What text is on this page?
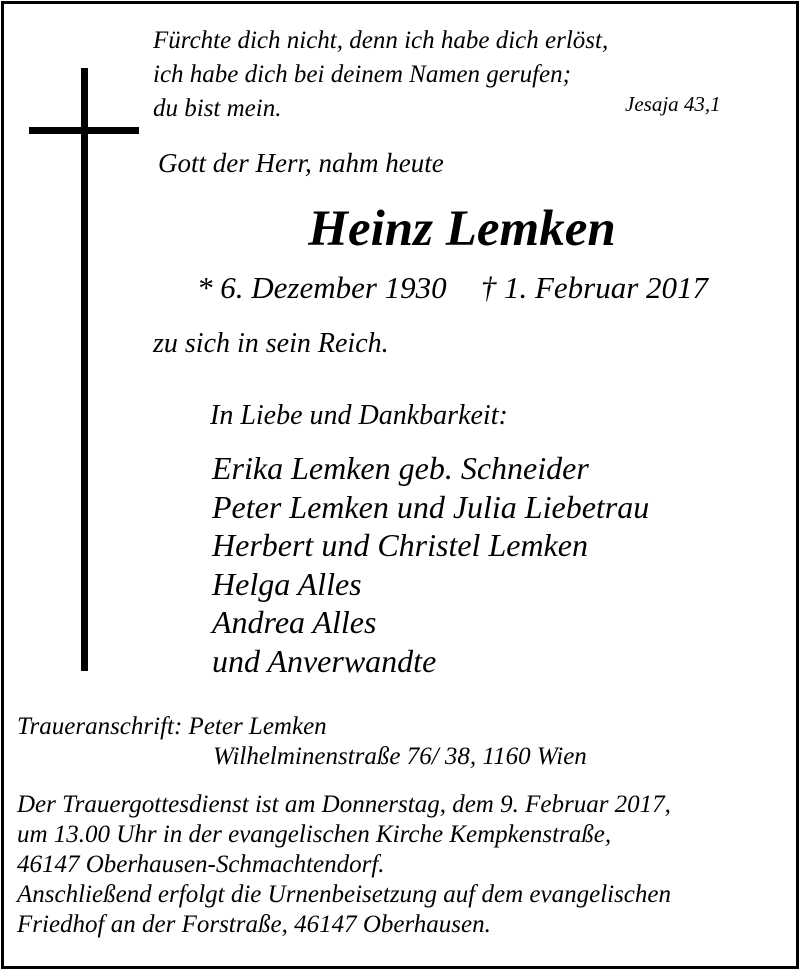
Fürchte dich nicht, denn ich habe dich erlöst,
ich habe dich bei deinem Namen gerufen;
du bist mein.	Jesaja 43,1
Gott der Herr, nahm heute
Heinz Lemken
* 6. Dezember 1930 † 1. Februar 2017
zu sich in sein Reich.
In Liebe und Dankbarkeit:
Erika Lemken geb. Schneider
Peter Lemken und Julia Liebetrau
Herbert und Christel Lemken
Helga Alles
Andrea Alles
und Anverwandte
Traueranschrift: Peter Lemken
Wilhelminenstraße 76/ 38, 1160 Wien
Der Trauergottesdienst ist am Donnerstag, dem 9. Februar 2017,
um 13.00 Uhr in der evangelischen Kirche Kempkenstraße,
46147 Oberhausen-Schmachtendorf.
Anschließend erfolgt die Urnenbeisetzung auf dem evangelischen
Friedhof an der Forstraße, 46147 Oberhausen.
